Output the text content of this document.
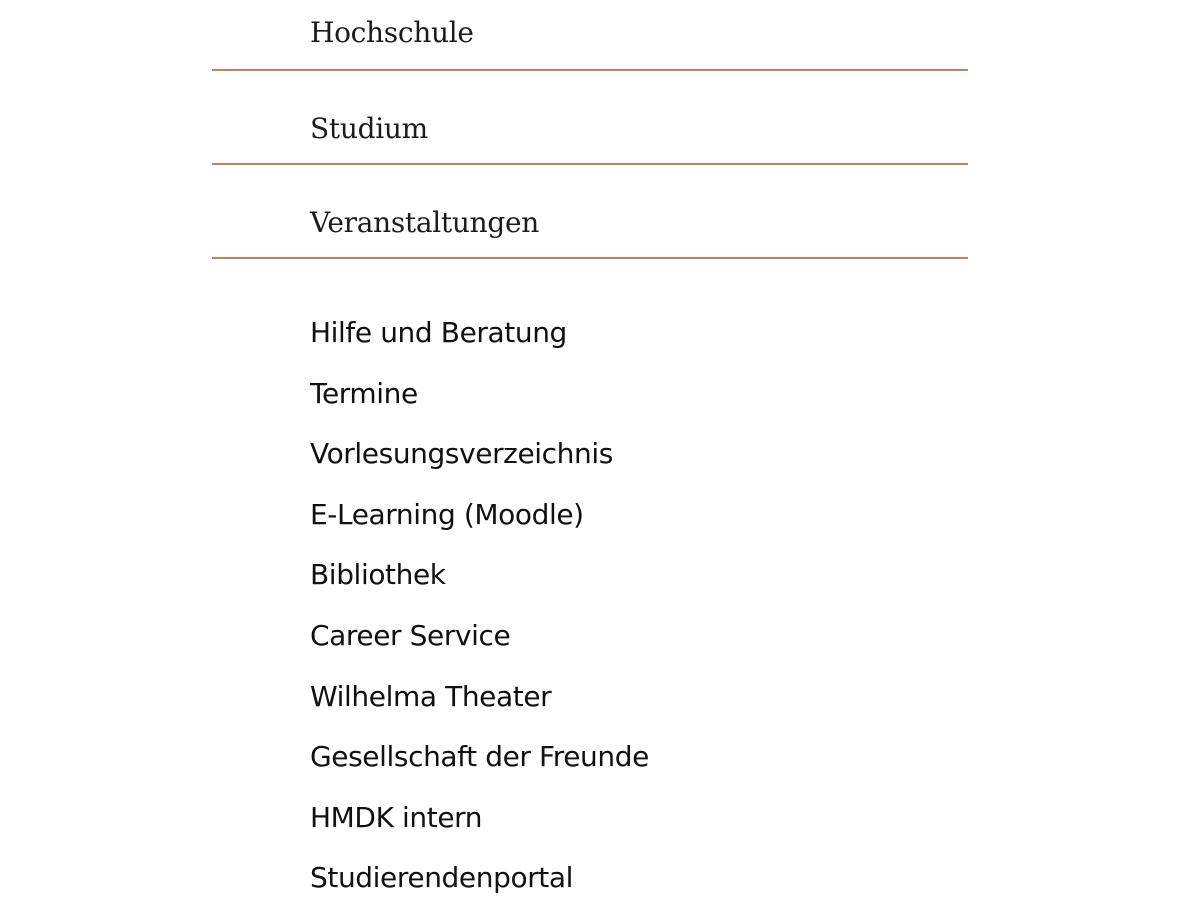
Hochschule
Studium
Veranstaltungen
Hilfe und Beratung
Termine
Vorlesungsverzeichnis
E-Learning (Moodle)
Bibliothek
Career Service
Wilhelma Theater
Gesellschaft der Freunde
HMDK intern
Studierendenportal
